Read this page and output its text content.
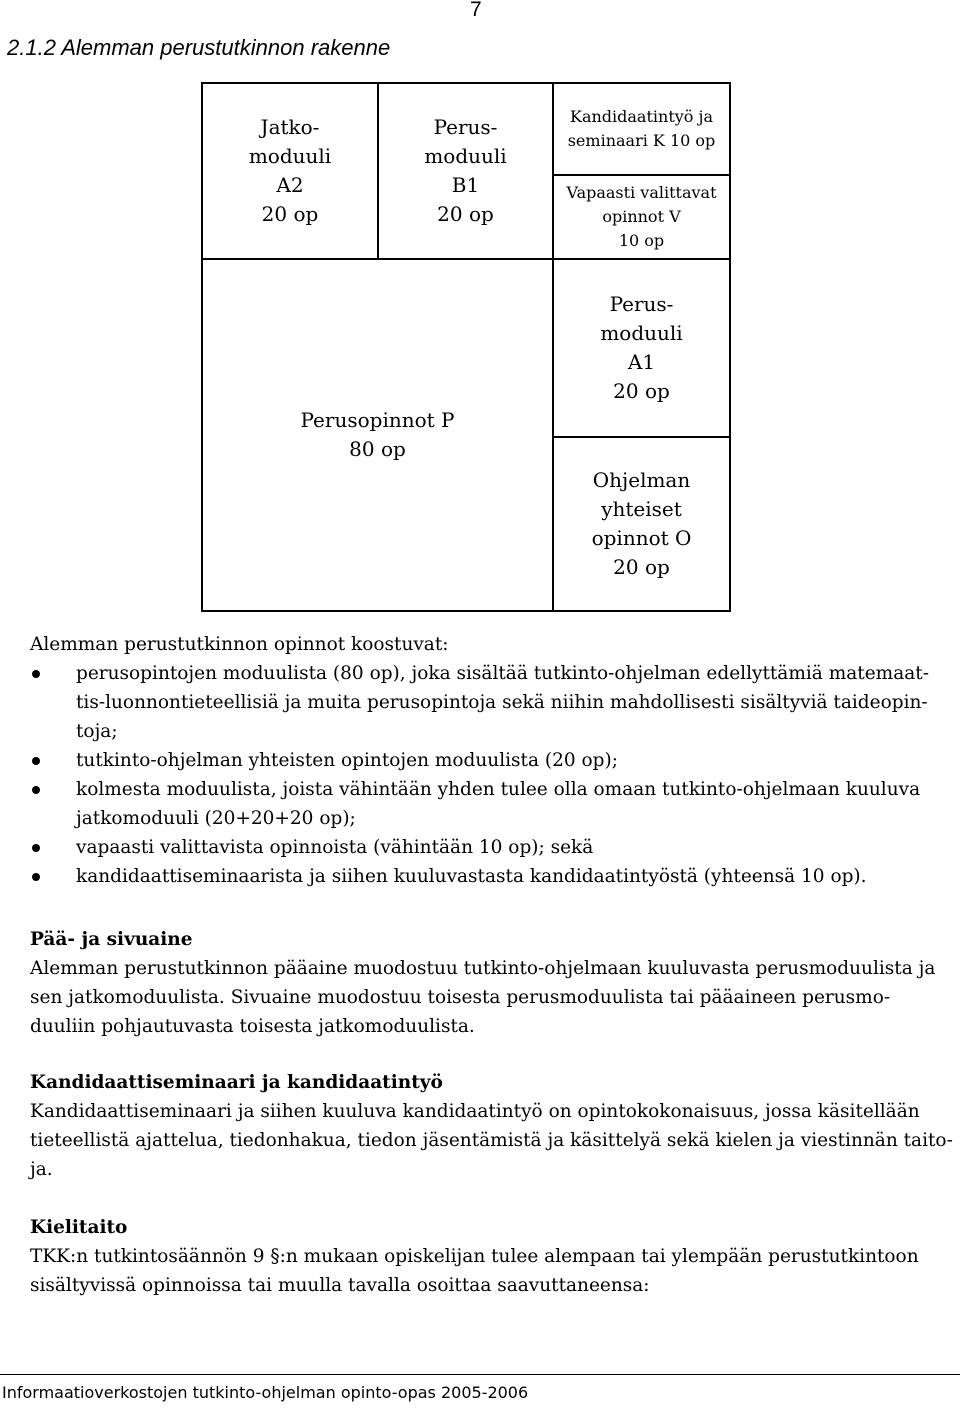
7
2.1.2 Alemman perustutkinnon rakenne
Jatko-
moduuli
A2
20 op
Perus-
moduuli
B1
20 op
Kandidaatintyö ja
seminaari K 10 op
Vapaasti valittavat
opinnot V
10 op
Perusopinnot P
80 op
Perus-
moduuli
A1
20 op
Ohjelman
yhteiset
opinnot O
20 op

Alemman perustutkinnon opinnot koostuvat:

perusopintojen moduulista (80 op), joka sisältää tutkinto-ohjelman edellyttämiä matemaat-tis-luonnontieteellisiä ja muita perusopintoja sekä niihin mahdollisesti sisältyviä taideopin-toja;
tutkinto-ohjelman yhteisten opintojen moduulista (20 op);
kolmesta moduulista, joista vähintään yhden tulee olla omaan tutkinto-ohjelmaan kuuluva jatkomoduuli (20+20+20 op);
vapaasti valittavista opinnoista (vähintään 10 op); sekä
kandidaattiseminaarista ja siihen kuuluvastasta kandidaatintyöstä (yhteensä 10 op).

Pää- ja sivuaine

Alemman perustutkinnon pääaine muodostuu tutkinto-ohjelmaan kuuluvasta perusmoduulista ja sen jatkomoduulista. Sivuaine muodostuu toisesta perusmoduulista tai pääaineen perusmo-duuliin pohjautuvasta toisesta jatkomoduulista.

Kandidaattiseminaari ja kandidaatintyö

Kandidaattiseminaari ja siihen kuuluva kandidaatintyö on opintokokonaisuus, jossa käsitellään tieteellistä ajattelua, tiedonhakua, tiedon jäsentämistä ja käsittelyä sekä kielen ja viestinnän taito-ja.

Kielitaito

TKK:n tutkintosäännön 9 §:n mukaan opiskelijan tulee alempaan tai ylempään perustutkintoon sisältyvissä opinnoissa tai muulla tavalla osoittaa saavuttaneensa:

Informaatioverkostojen tutkinto-ohjelman opinto-opas 2005-2006
